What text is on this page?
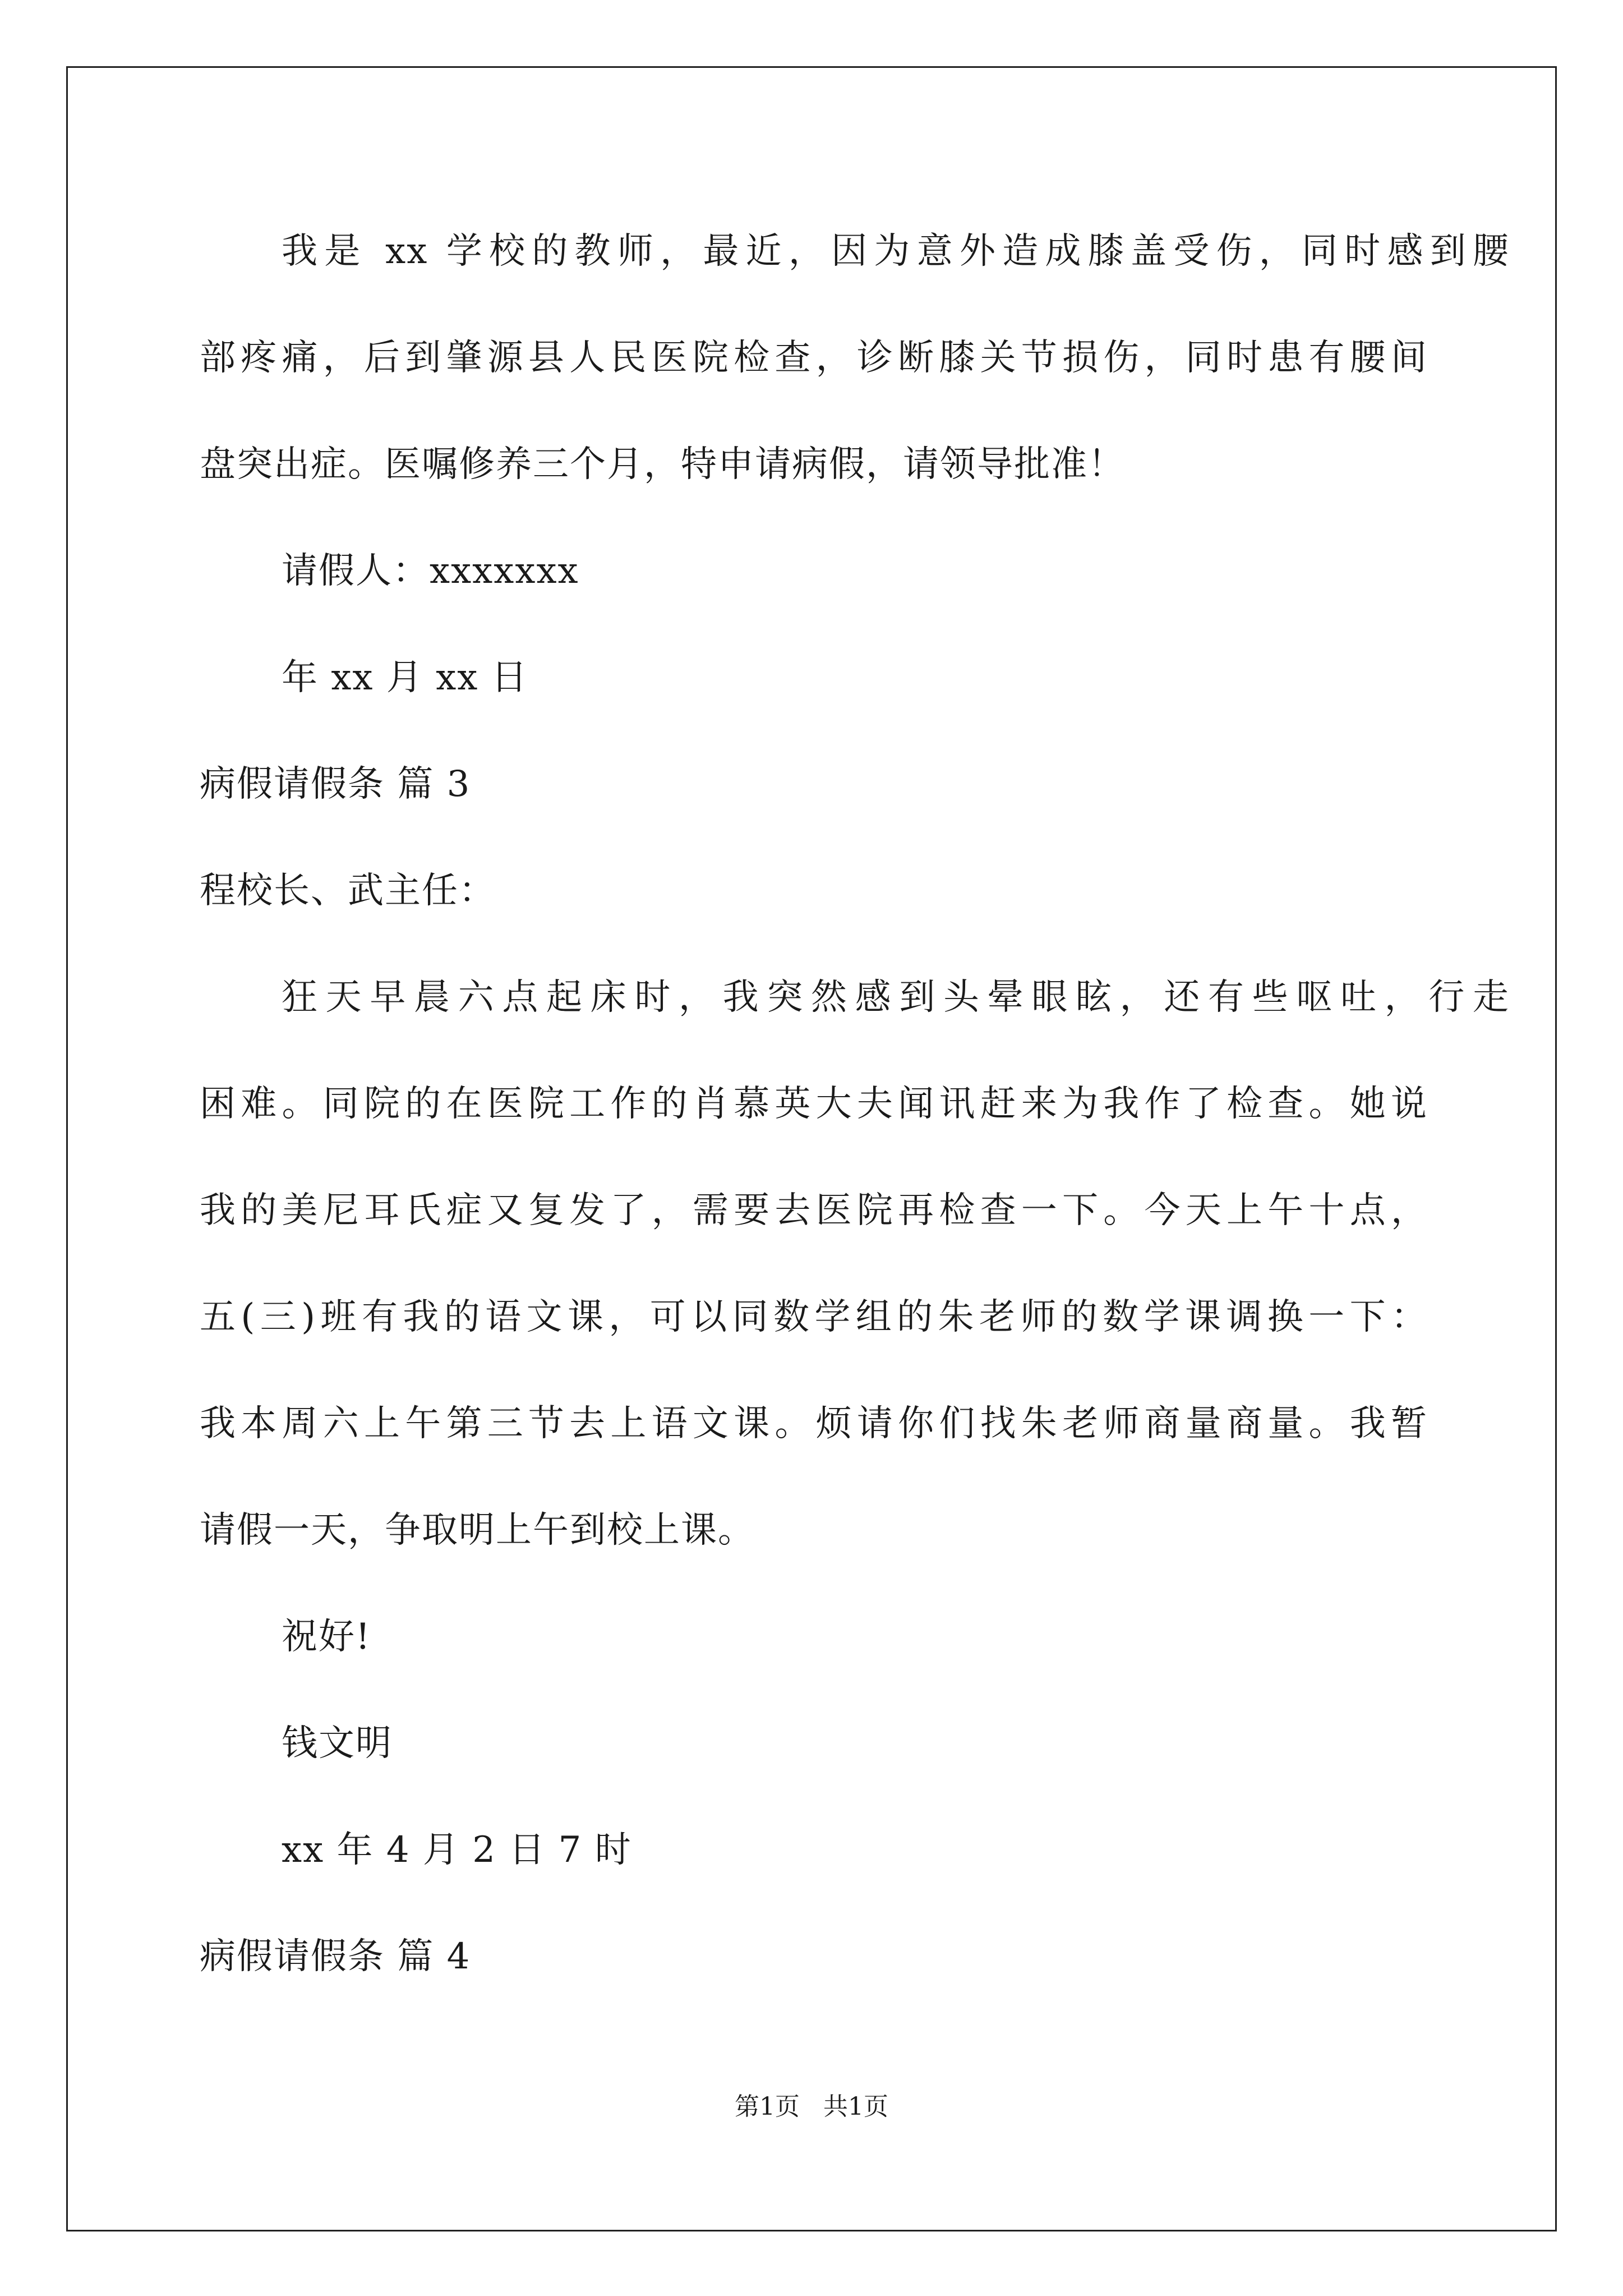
我是 xx 学校的教师，最近，因为意外造成膝盖受伤，同时感到腰
部疼痛，后到肇源县人民医院检查，诊断膝关节损伤，同时患有腰间
盘突出症。医嘱修养三个月，特申请病假，请领导批准！
请假人：xxxxxxx
年 xx 月 xx 日
病假请假条 篇 3
程校长、武主任：
狂天早晨六点起床时，我突然感到头晕眼眩，还有些呕吐，行走
困难。同院的在医院工作的肖慕英大夫闻讯赶来为我作了检查。她说
我的美尼耳氏症又复发了，需要去医院再检查一下。今天上午十点，
五(三)班有我的语文课，可以同数学组的朱老师的数学课调换一下：
我本周六上午第三节去上语文课。烦请你们找朱老师商量商量。我暂
请假一天，争取明上午到校上课。
祝好!
钱文明
xx 年 4 月 2 日 7 时
病假请假条 篇 4
第1页   共1页
